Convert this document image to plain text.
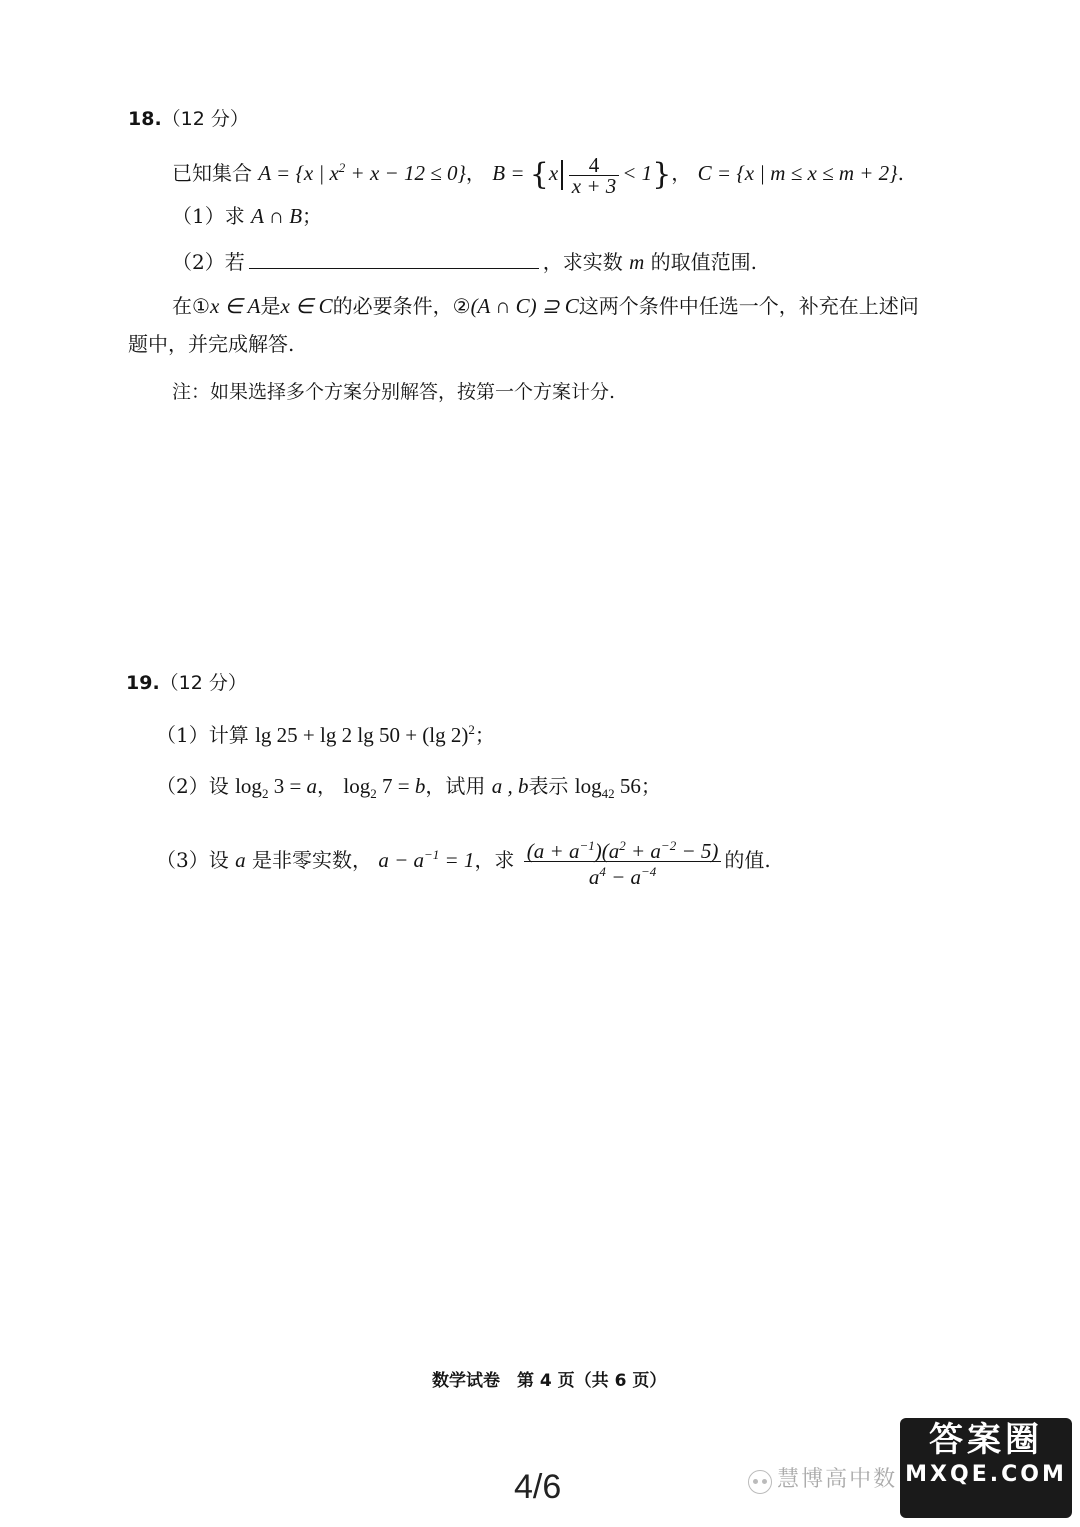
18.（12 分）
已知集合 A = {x | $x^2 + x - 12 \le 0$}， $B = \{x \frac{4}{x + 3} < 1\}$， C = {x | m ≤ x ≤ m + 2}.
（1）求 A ∩ B；
（2）若	，求实数 m 的取值范围.
在①x ∈ A是x ∈ C的必要条件，②(A ∩ C) ⊇ C这两个条件中任选一个，补充在上述问
题中，并完成解答.
注：如果选择多个方案分别解答，按第一个方案计分.
19.（12 分）
（1）计算 lg 25 + lg 2 lg 50 + (lg 2)$^2$；
（2）设 $\log_2 3 = a$， $\log_2 7 = b$，试用 a , b表示 $\log_{42} 56$；
（3）设 a 是非零实数， $a - a^{-1} = 1$，求 $\frac{(a + a^{-1})(a^2 + a^{-2} - 5)}{a^4 - a^{-4}}$ 的值.
数学试卷　第 4 页（共 6 页）
4/6	慧博高中数
答案圈
MXQE.COM
